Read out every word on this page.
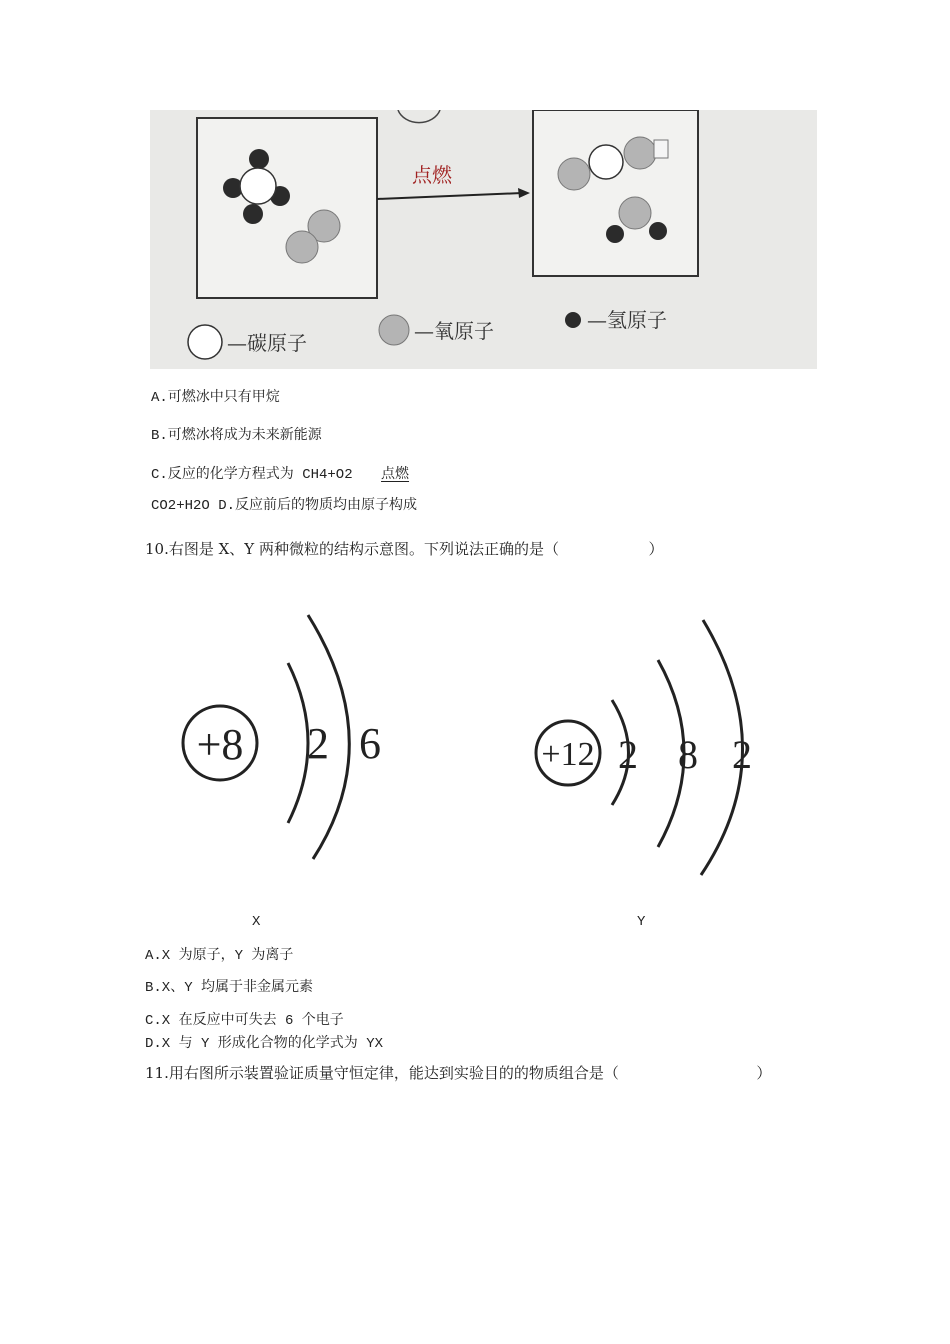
点燃
—碳原子	—氧原子	—氢原子
A.可燃冰中只有甲烷
B.可燃冰将成为未来新能源
C.反应的化学方程式为 CH4+O2 点燃
CO2+H2O D.反应前后的物质均由原子构成
10.右图是 X、Y 两种微粒的结构示意图。下列说法正确的是（	）
+8 2 6	+12 2 8 2
X	Y
A.X 为原子，Y 为离子
B.X、Y 均属于非金属元素
C.X 在反应中可失去 6 个电子
D.X 与 Y 形成化合物的化学式为 YX
11.用右图所示装置验证质量守恒定律，能达到实验目的的物质组合是（	）
